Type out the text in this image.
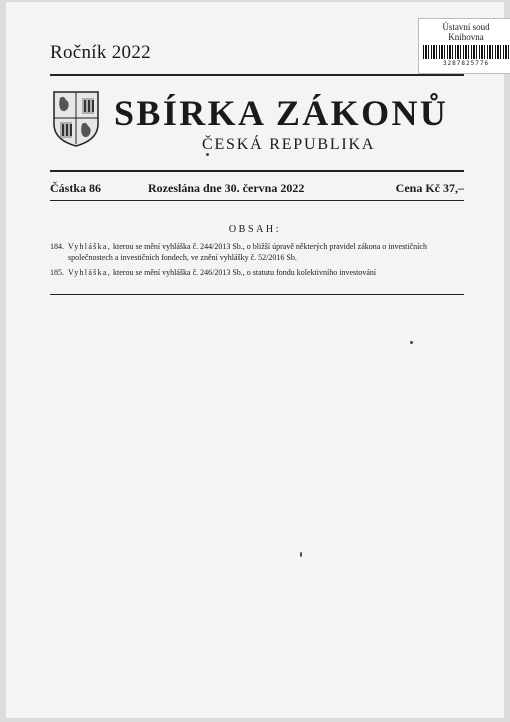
Ústavní soud
Knihovna
3287825776
Ročník 2022
SBÍRKA ZÁKONŮ
ČESKÁ REPUBLIKA
Částka 86	Rozeslána dne 30. června 2022	Cena Kč 37,–
OBSAH:
184. Vyhláška, kterou se mění vyhláška č. 244/2013 Sb., o bližší úpravě některých pravidel zákona o investičních společnostech a investičních fondech, ve znění vyhlášky č. 52/2016 Sb.
185. Vyhláška, kterou se mění vyhláška č. 246/2013 Sb., o statutu fondu kolektivního investování
